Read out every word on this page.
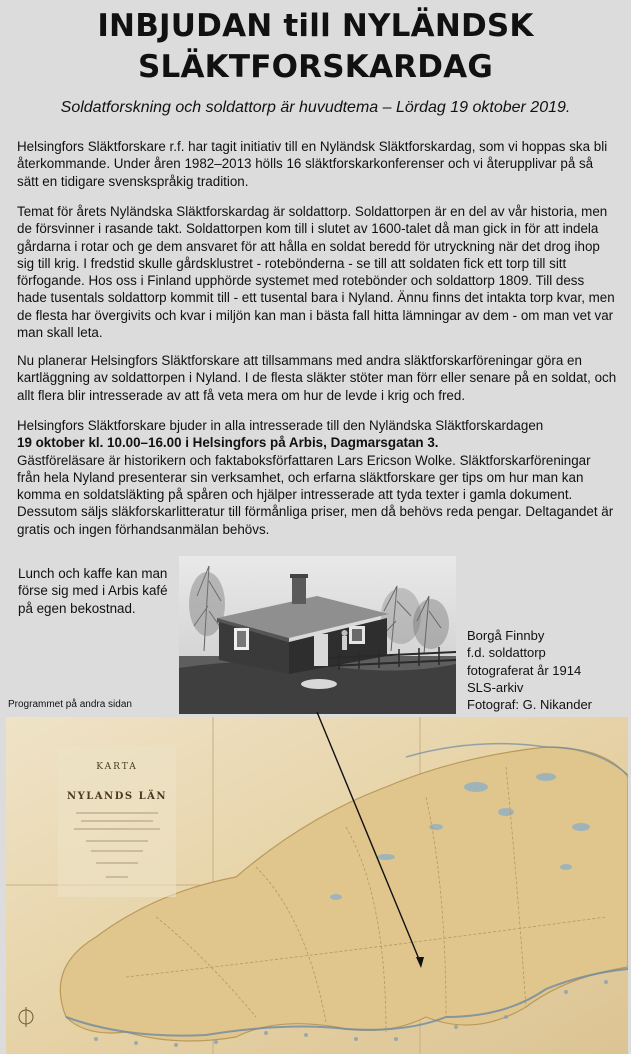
INBJUDAN till NYLÄNDSK
SLÄKTFORSKARDAG
Soldatforskning och soldattorp är huvudtema – Lördag 19 oktober 2019.

Helsingfors Släktforskare r.f. har tagit initiativ till en Nyländsk Släktforskardag, som vi hoppas ska bli återkommande. Under åren 1982–2013 hölls 16 släktforskarkonferenser och vi återupplivar på så sätt en tidigare svenskspråkig tradition.

Temat för årets Nyländska Släktforskardag är soldattorp. Soldattorpen är en del av vår historia, men de försvinner i rasande takt. Soldattorpen kom till i slutet av 1600-talet då man gick in för att indela gårdarna i rotar och ge dem ansvaret för att hålla en soldat beredd för utryckning när det drog ihop sig till krig. I fredstid skulle gårdsklustret - rotebönderna - se till att soldaten fick ett torp till sitt förfogande. Hos oss i Finland upphörde systemet med rotebönder och soldattorp 1809. Till dess hade tusentals soldattorp kommit till - ett tusental bara i Nyland. Ännu finns det intakta torp kvar, men de flesta har övergivits och kvar i miljön kan man i bästa fall hitta lämningar av dem - om man vet var man skall leta.

Nu planerar Helsingfors Släktforskare att tillsammans med andra släktforskarföreningar göra en kartläggning av soldattorpen i Nyland. I de flesta släkter stöter man förr eller senare på en soldat, och allt flera blir intresserade av att få veta mera om hur de levde i krig och fred.

Helsingfors Släktforskare bjuder in alla intresserade till den Nyländska Släktforskardagen
19 oktober kl. 10.00–16.00 i Helsingfors på Arbis, Dagmarsgatan 3.
Gästföreläsare är historikern och faktaboksförfattaren Lars Ericson Wolke. Släktforskarföreningar från hela Nyland presenterar sin verksamhet, och erfarna släktforskare ger tips om hur man kan komma en soldatsläkting på spåren och hjälper intresserade att tyda texter i gamla dokument. Dessutom säljs släkforskarlitteratur till förmånliga priser, men då behövs reda pengar. Deltagandet är gratis och ingen förhandsanmälan behövs.

Lunch och kaffe kan man förse sig med i Arbis kafé på egen bekostnad.
Programmet på andra sidan
Borgå Finnby
f.d. soldattorp
fotograferat år 1914
SLS-arkiv
Fotograf: G. Nikander
KARTA
NYLANDS LÄN
